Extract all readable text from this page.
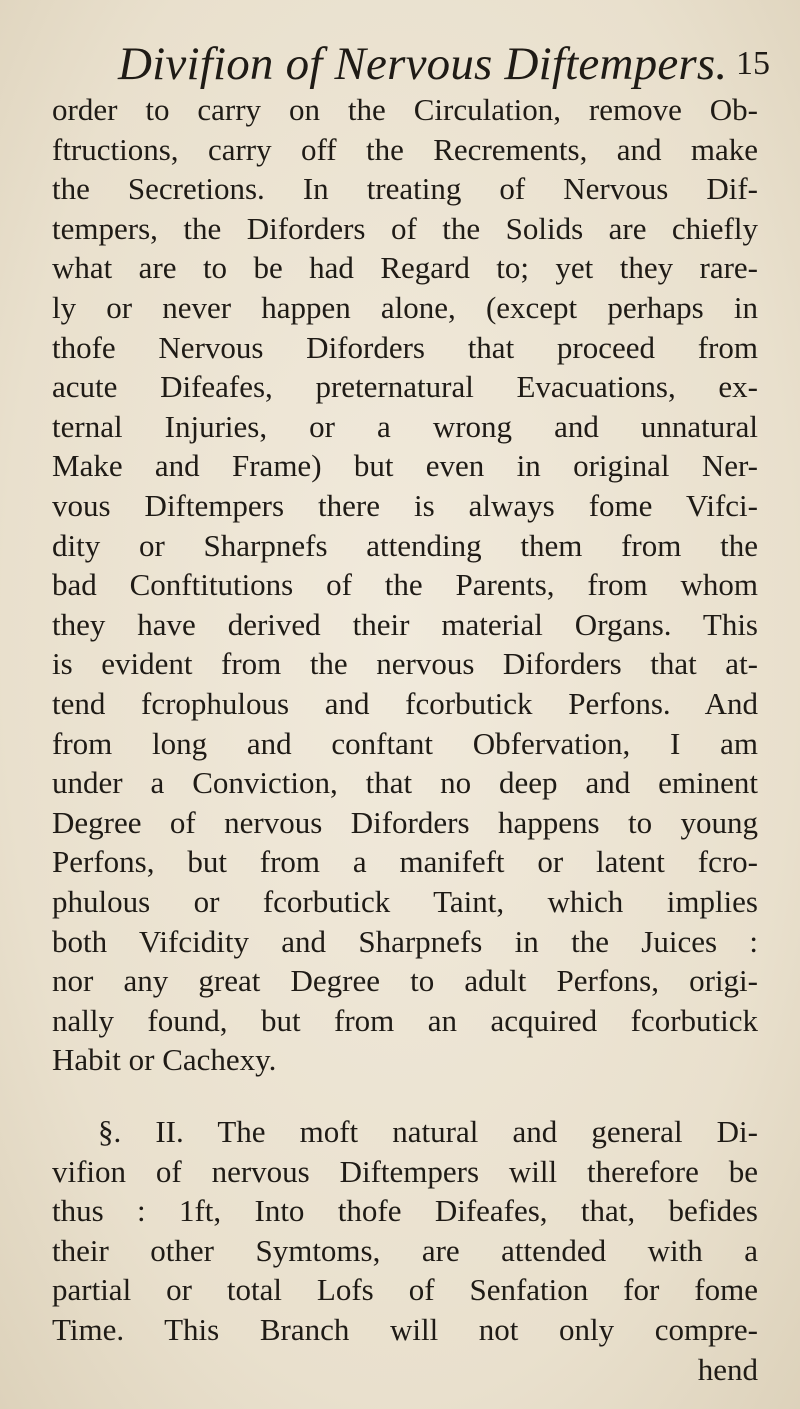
Divifion of Nervous Diftempers. 15
order to carry on the Circulation, remove Ob-
ftructions, carry off the Recrements, and make
the Secretions. In treating of Nervous Dif-
tempers, the Diforders of the Solids are chiefly
what are to be had Regard to; yet they rare-
ly or never happen alone, (except perhaps in
thofe Nervous Diforders that proceed from
acute Difeafes, preternatural Evacuations, ex-
ternal Injuries, or a wrong and unnatural
Make and Frame) but even in original Ner-
vous Diftempers there is always fome Vifci-
dity or Sharpnefs attending them from the
bad Conftitutions of the Parents, from whom
they have derived their material Organs. This
is evident from the nervous Diforders that at-
tend fcrophulous and fcorbutick Perfons. And
from long and conftant Obfervation, I am
under a Conviction, that no deep and eminent
Degree of nervous Diforders happens to young
Perfons, but from a manifeft or latent fcro-
phulous or fcorbutick Taint, which implies
both Vifcidity and Sharpnefs in the Juices :
nor any great Degree to adult Perfons, origi-
nally found, but from an acquired fcorbutick
Habit or Cachexy.
§. II. The moft natural and general Di-
vifion of nervous Diftempers will therefore be
thus : 1ft, Into thofe Difeafes, that, befides
their other Symtoms, are attended with a
partial or total Lofs of Senfation for fome
Time. This Branch will not only compre-
hend
